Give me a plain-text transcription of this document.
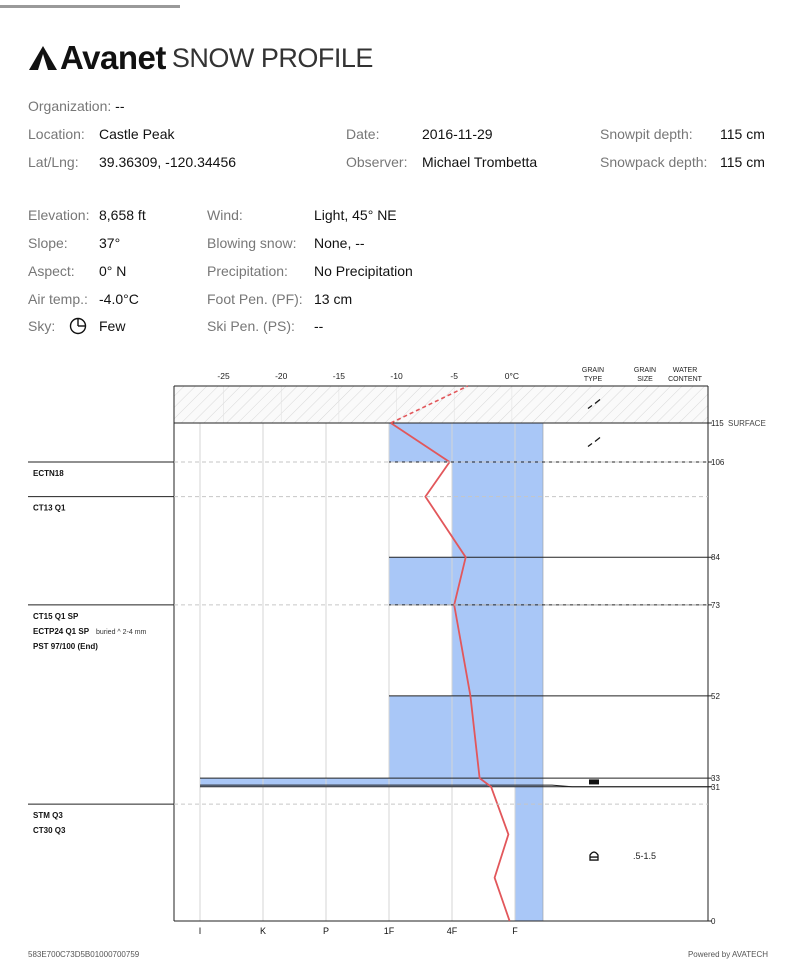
Avanet SNOW PROFILE
Organization: --
Location: Castle Peak
Lat/Lng: 39.36309, -120.34456
Date:	2016-11-29
Observer: Michael Trombetta
Snowpit depth: 115 cm
Snowpack depth: 115 cm
Elevation: 8,658 ft
Slope: 37°
Aspect: 0° N
Air temp.: -4.0°C
Sky:	Few
Wind:	Light, 45° NE
Blowing snow: None, --
Precipitation: No Precipitation
Foot Pen. (PF): 13 cm
Ski Pen. (PS): --
-25	-20	-15	-10	-5	0°C
GRAIN
TYPE
GRAIN
SIZE
WATER
CONTENT
115
106
84
73
52
33
31
0
SURFACE
.5-1.5
ECTN18
CT13 Q1
CT15 Q1 SP
ECTP24 Q1 SP buried ^ 2-4 mm
PST 97/100 (End)
STM Q3
CT30 Q3
I	K	P	1F	4F	F
583E700C73D5B01000700759	Powered by AVATECH
